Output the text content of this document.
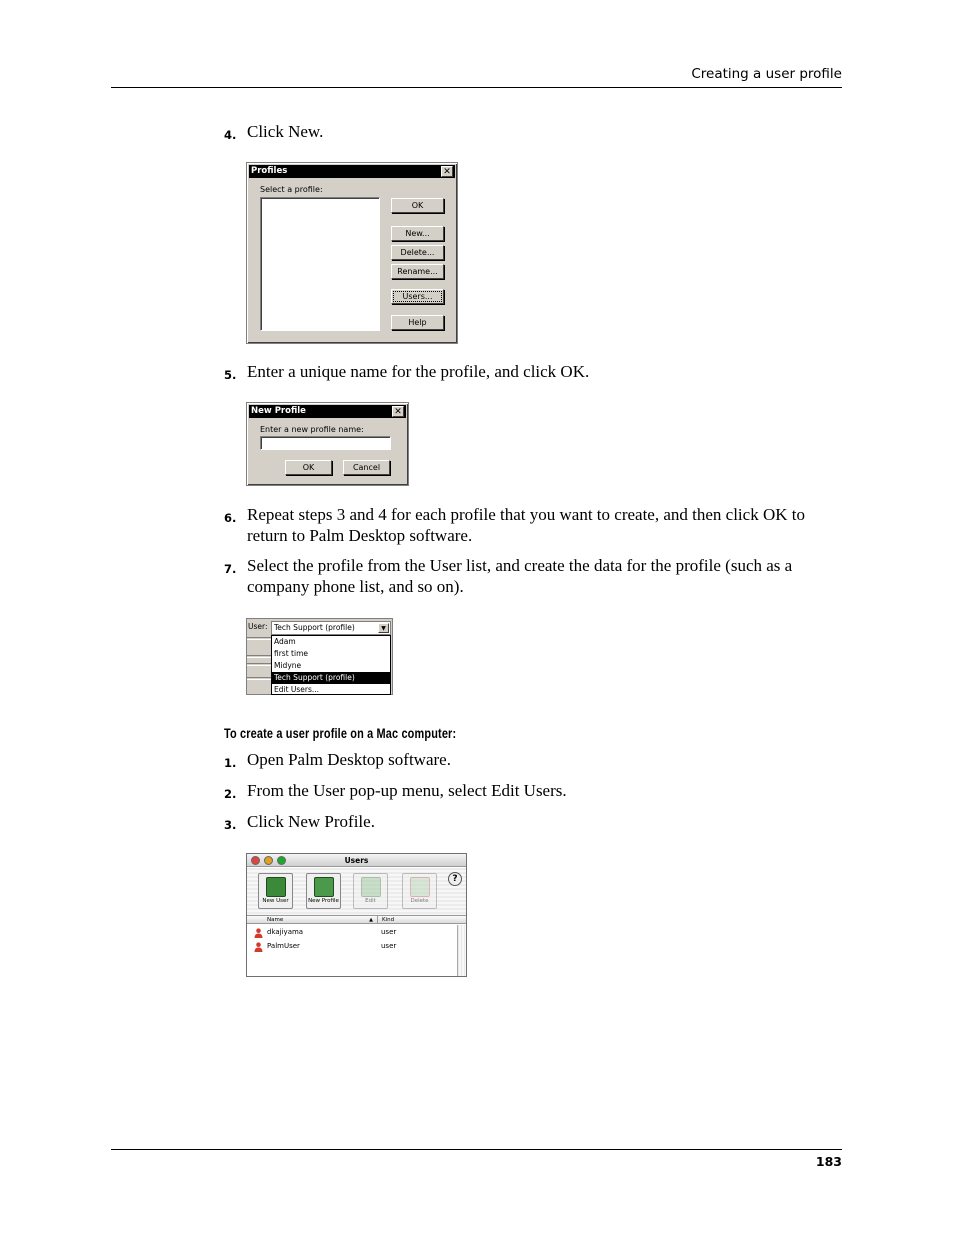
Creating a user profile
4. Click New.
Profiles	✕
Select a profile:
OK
New...
Delete...
Rename...
Users...
Help
5. Enter a unique name for the profile, and click OK.
New Profile	✕
Enter a new profile name:
OK	Cancel
6. Repeat steps 3 and 4 for each profile that you want to create, and then click OK to return to Palm Desktop software.
7. Select the profile from the User list, and create the data for the profile (such as a company phone list, and so on).
User: Tech Support (profile)	▼
Adam
first time
Midyne
Tech Support (profile)
Edit Users...
To create a user profile on a Mac computer:
1. Open Palm Desktop software.
2. From the User pop-up menu, select Edit Users.
3. Click New Profile.
Users
New User	New Profile	Edit	Delete
?
Name	▲	Kind
dkajiyama	user
PalmUser	user
183
